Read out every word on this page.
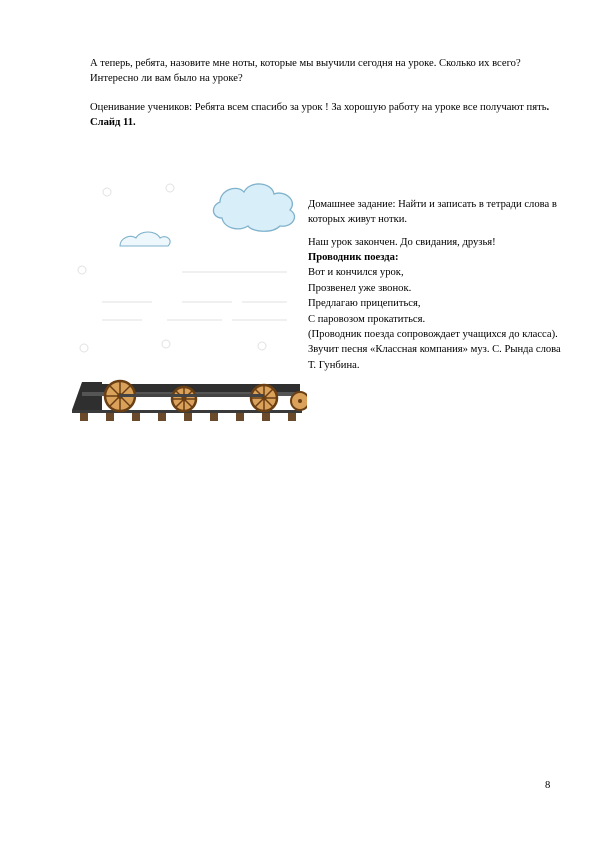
А теперь, ребята, назовите мне ноты, которые мы выучили сегодня на уроке. Сколько их всего? Интересно ли вам было на уроке?

Оценивание учеников: Ребята всем спасибо за урок ! За хорошую работу на уроке все получают пять. Слайд 11.

Домашнее задание: Найти и записать в тетради слова в которых живут нотки.

Наш урок закончен. До свидания, друзья!

Проводник поезда:

Вот и кончился урок,

Прозвенел уже звонок.

Предлагаю прицепиться,

С паровозом прокатиться.

(Проводник поезда сопровождает учащихся до класса). Звучит песня «Классная компания» муз. С. Рында слова Т. Гунбина.

8
